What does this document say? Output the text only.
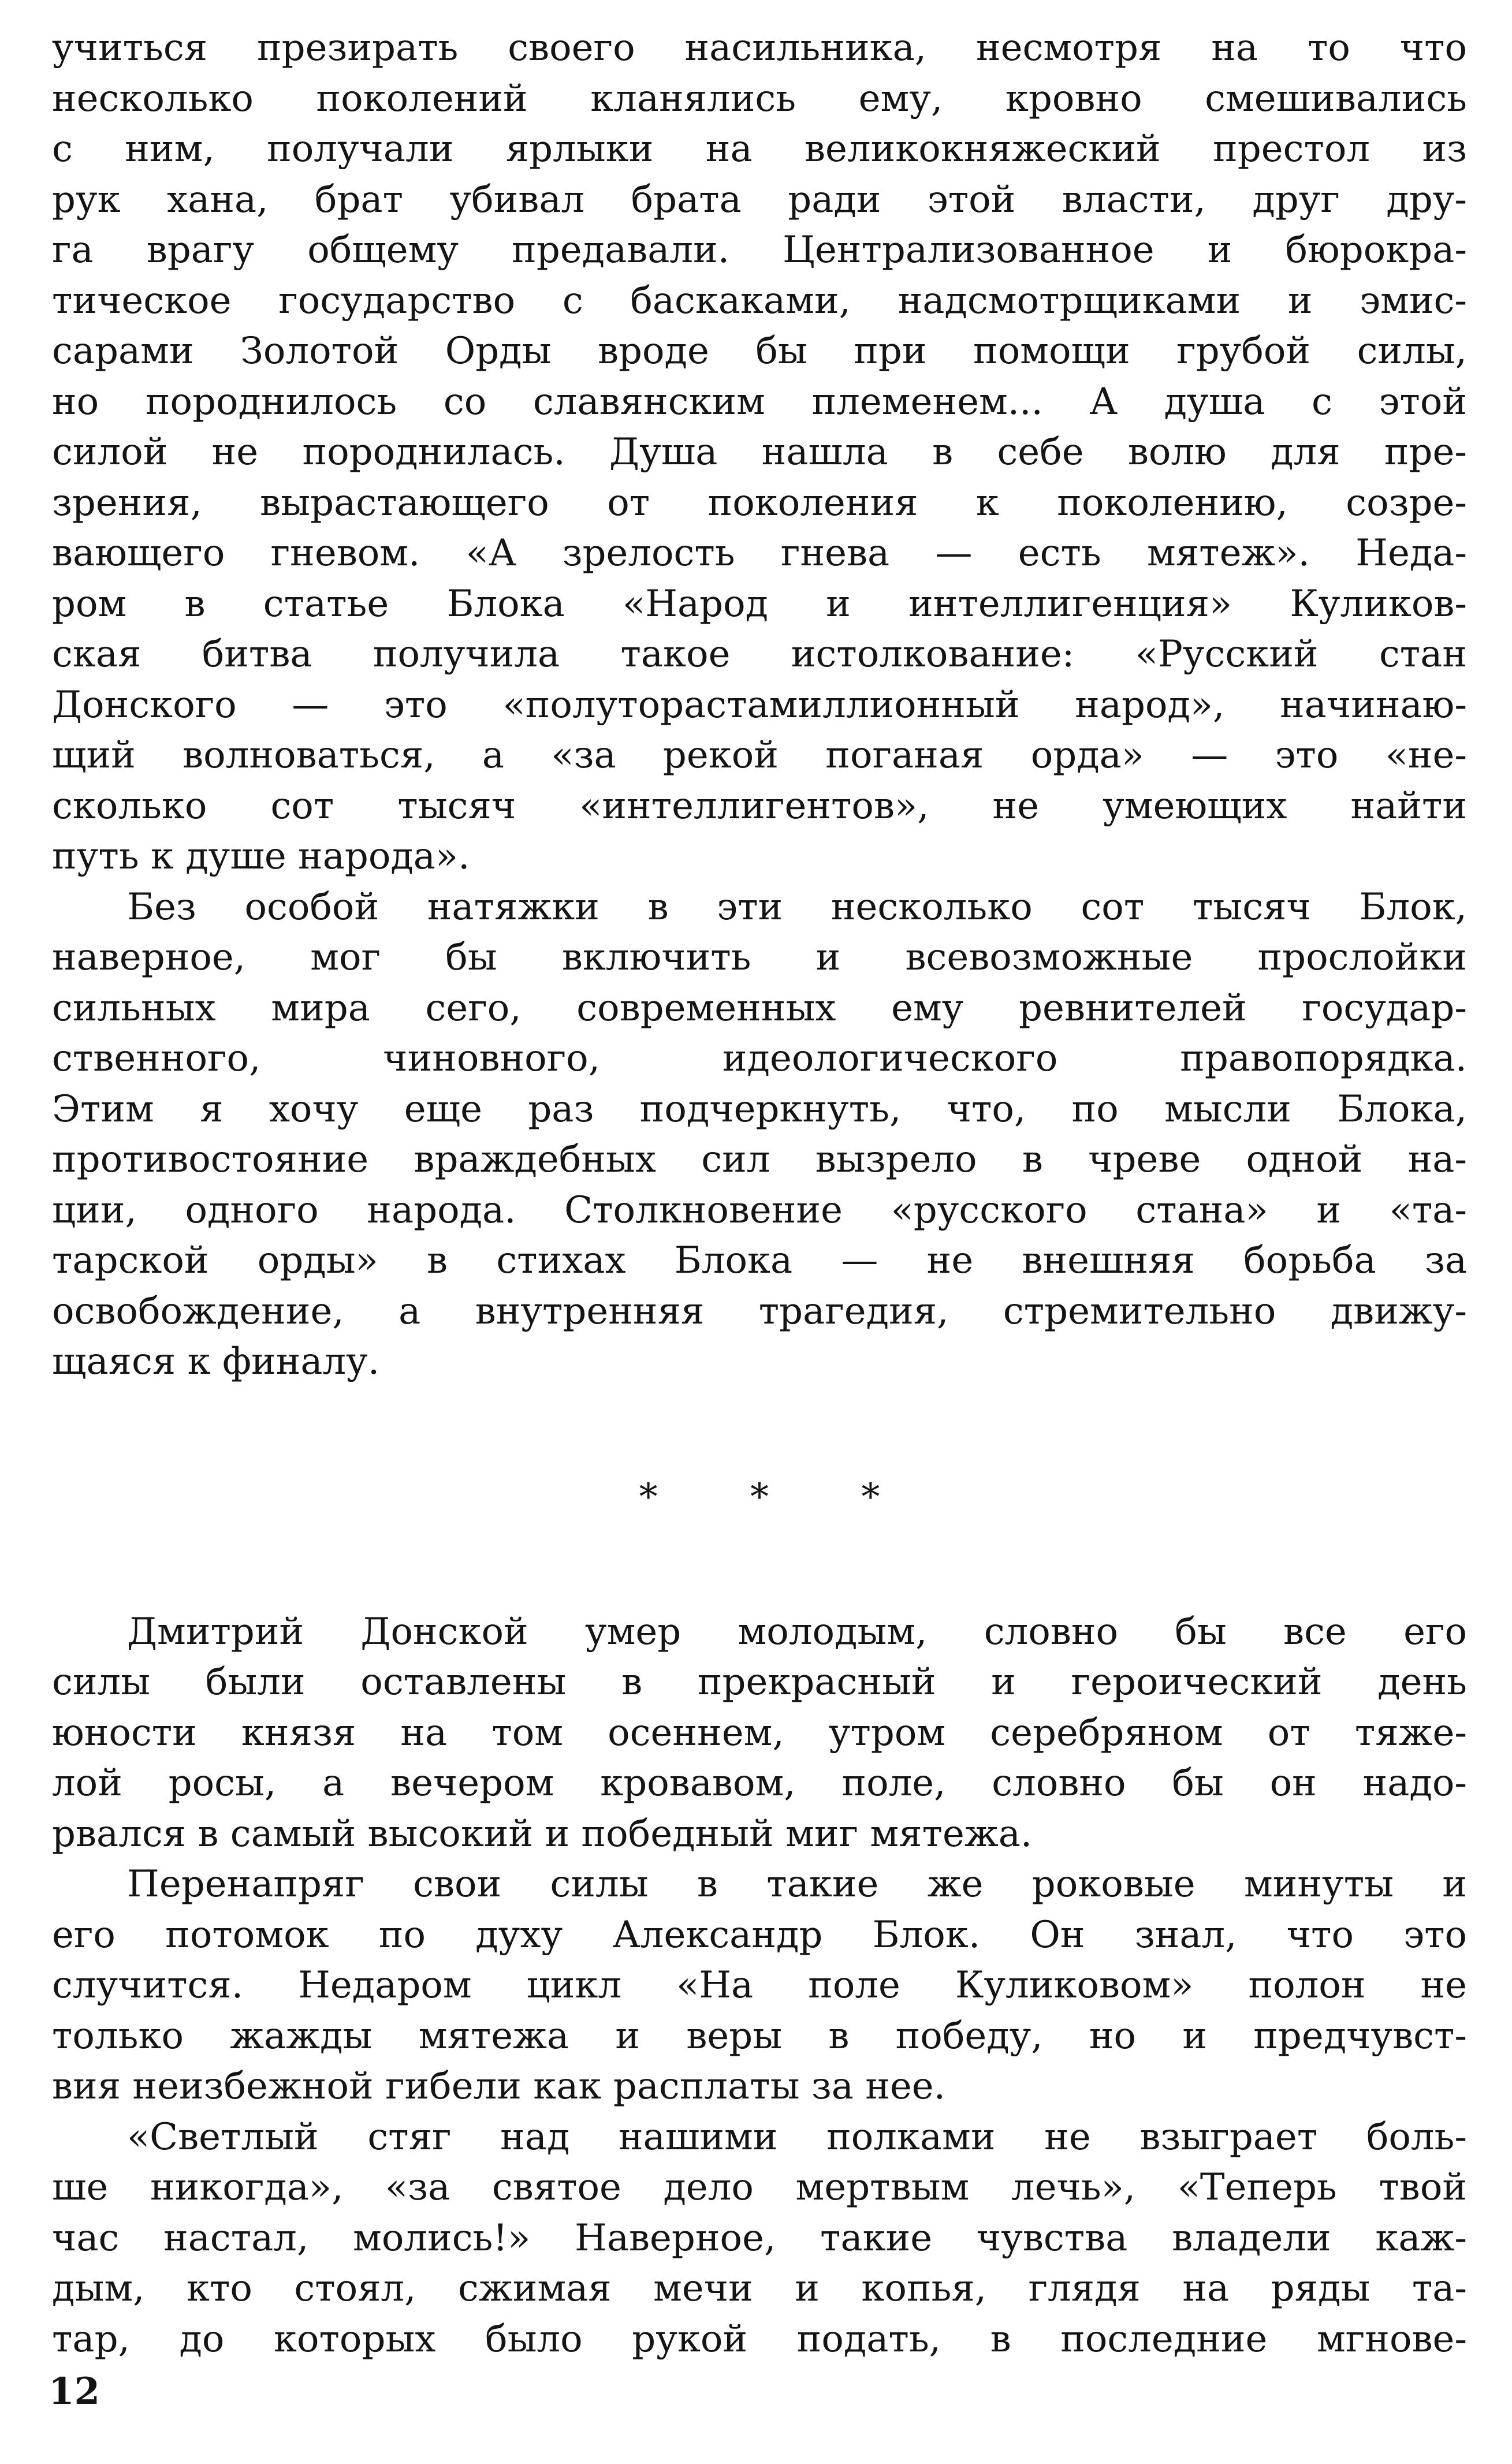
учиться презирать своего насильника, несмотря на то что
несколько поколений кланялись ему, кровно смешивались
с ним, получали ярлыки на великокняжеский престол из
рук хана, брат убивал брата ради этой власти, друг дру-
га врагу общему предавали. Централизованное и бюрокра-
тическое государство с баскаками, надсмотрщиками и эмис-
сарами Золотой Орды вроде бы при помощи грубой силы,
но породнилось со славянским племенем... А душа с этой
силой не породнилась. Душа нашла в себе волю для пре-
зрения, вырастающего от поколения к поколению, созре-
вающего гневом. «А зрелость гнева — есть мятеж». Неда-
ром в статье Блока «Народ и интеллигенция» Куликов-
ская битва получила такое истолкование: «Русский стан
Донского — это «полуторастамиллионный народ», начинаю-
щий волноваться, а «за рекой поганая орда» — это «не-
сколько сот тысяч «интеллигентов», не умеющих найти
путь к душе народа».
Без особой натяжки в эти несколько сот тысяч Блок,
наверное, мог бы включить и всевозможные прослойки
сильных мира сего, современных ему ревнителей государ-
ственного, чиновного, идеологического правопорядка.
Этим я хочу еще раз подчеркнуть, что, по мысли Блока,
противостояние враждебных сил вызрело в чреве одной на-
ции, одного народа. Столкновение «русского стана» и «та-
тарской орды» в стихах Блока — не внешняя борьба за
освобождение, а внутренняя трагедия, стремительно движу-
щаяся к финалу.
* * *
Дмитрий Донской умер молодым, словно бы все его
силы были оставлены в прекрасный и героический день
юности князя на том осеннем, утром серебряном от тяже-
лой росы, а вечером кровавом, поле, словно бы он надо-
рвался в самый высокий и победный миг мятежа.
Перенапряг свои силы в такие же роковые минуты и
его потомок по духу Александр Блок. Он знал, что это
случится. Недаром цикл «На поле Куликовом» полон не
только жажды мятежа и веры в победу, но и предчувст-
вия неизбежной гибели как расплаты за нее.
«Светлый стяг над нашими полками не взыграет боль-
ше никогда», «за святое дело мертвым лечь», «Теперь твой
час настал, молись!» Наверное, такие чувства владели каж-
дым, кто стоял, сжимая мечи и копья, глядя на ряды та-
тар, до которых было рукой подать, в последние мгнове-
12
